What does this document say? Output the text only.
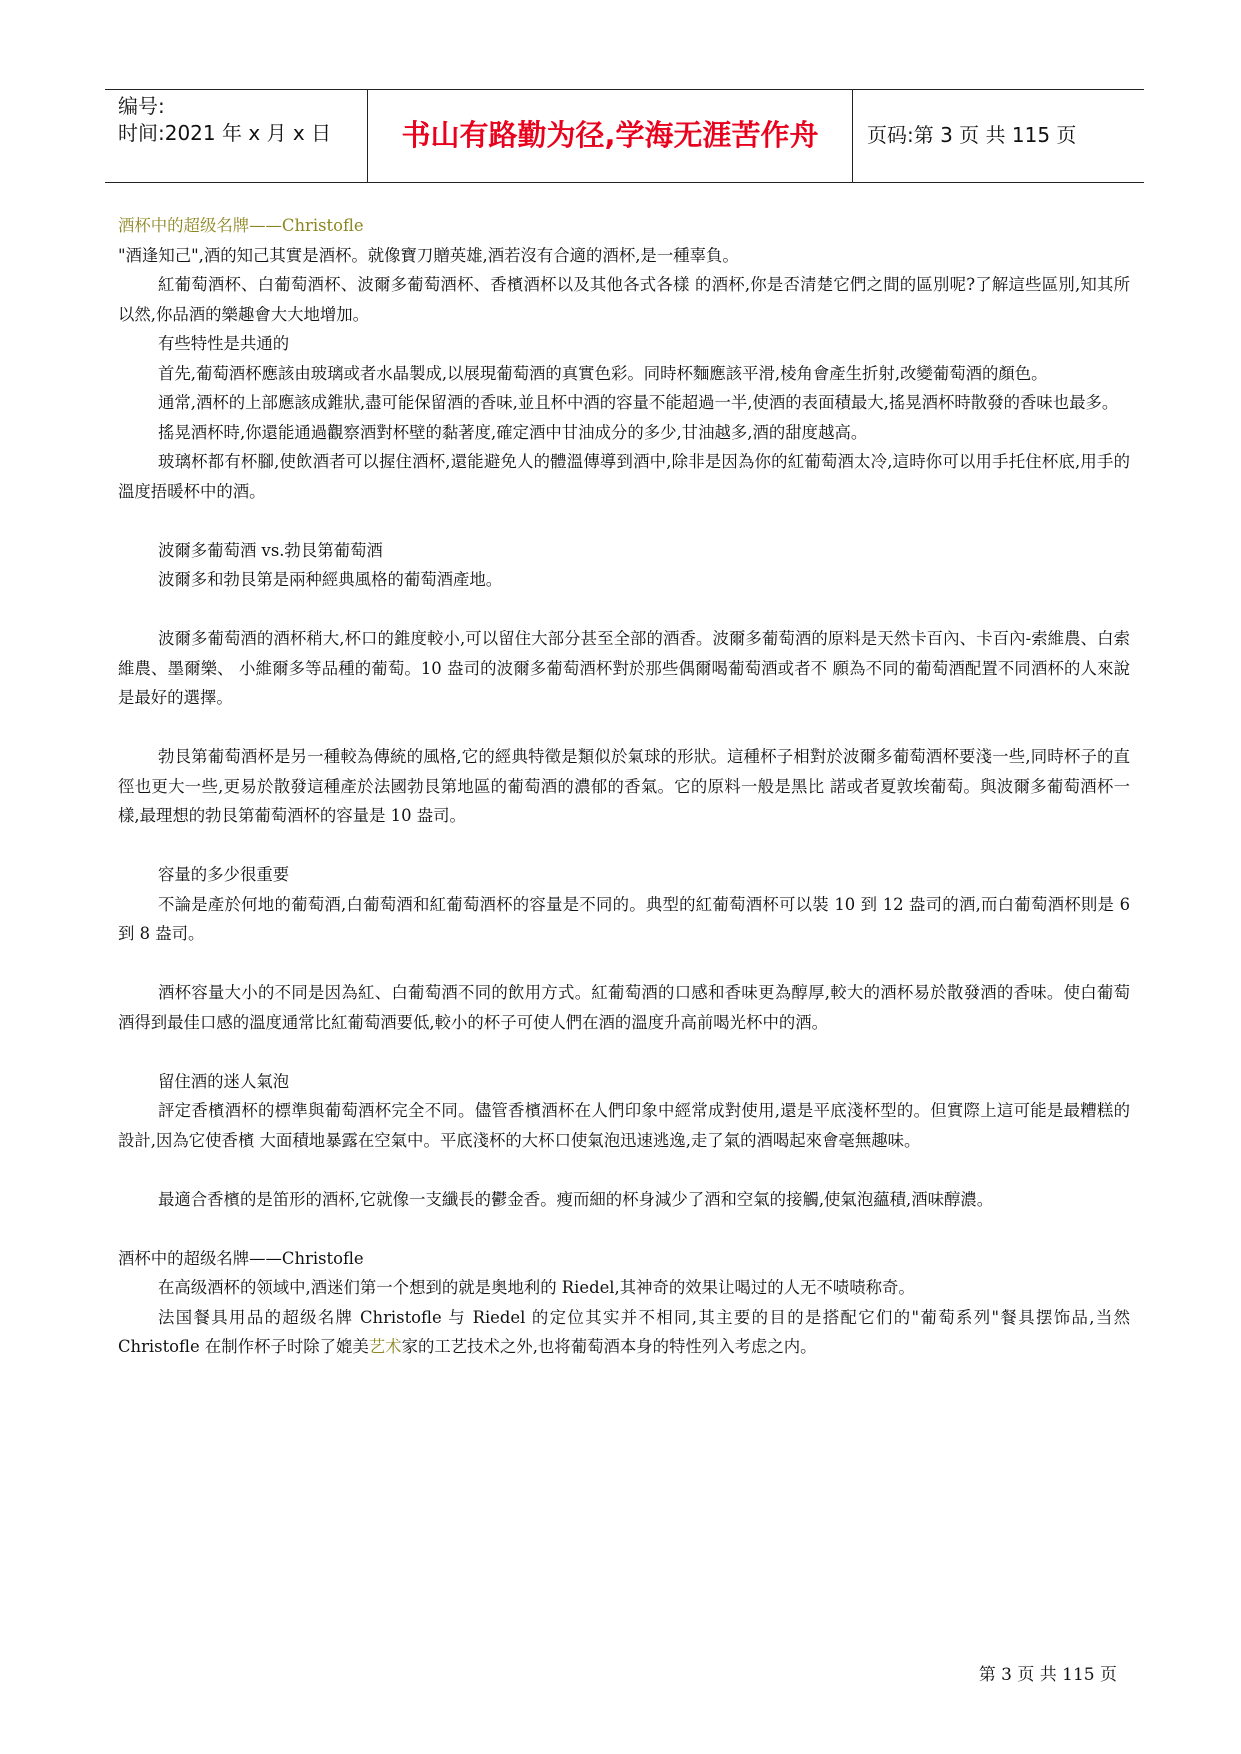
编号:
时间:2021 年 x 月 x 日	书山有路勤为径,学海无涯苦作舟	页码:第 3 页 共 115 页

酒杯中的超级名牌——Christofle

"酒逢知己",酒的知己其實是酒杯。就像寶刀贈英雄,酒若沒有合適的酒杯,是一種辜負。

紅葡萄酒杯、白葡萄酒杯、波爾多葡萄酒杯、香檳酒杯以及其他各式各樣 的酒杯,你是否清楚它們之間的區別呢?了解這些區別,知其所以然,你品酒的樂趣會大大地增加。

有些特性是共通的

首先,葡萄酒杯應該由玻璃或者水晶製成,以展現葡萄酒的真實色彩。同時杯麵應該平滑,棱角會產生折射,改變葡萄酒的顏色。

通常,酒杯的上部應該成錐狀,盡可能保留酒的香味,並且杯中酒的容量不能超過一半,使酒的表面積最大,搖晃酒杯時散發的香味也最多。

搖晃酒杯時,你還能通過觀察酒對杯壁的黏著度,確定酒中甘油成分的多少,甘油越多,酒的甜度越高。

玻璃杯都有杯腳,使飲酒者可以握住酒杯,還能避免人的體溫傳導到酒中,除非是因為你的紅葡萄酒太冷,這時你可以用手托住杯底,用手的溫度捂暖杯中的酒。

波爾多葡萄酒 vs.勃艮第葡萄酒

波爾多和勃艮第是兩种經典風格的葡萄酒產地。

波爾多葡萄酒的酒杯稍大,杯口的錐度較小,可以留住大部分甚至全部的酒香。波爾多葡萄酒的原料是天然卡百內、卡百內-索維農、白索維農、墨爾樂、 小維爾多等品種的葡萄。10 盎司的波爾多葡萄酒杯對於那些偶爾喝葡萄酒或者不 願為不同的葡萄酒配置不同酒杯的人來說是最好的選擇。

勃艮第葡萄酒杯是另一種較為傳統的風格,它的經典特徵是類似於氣球的形狀。這種杯子相對於波爾多葡萄酒杯要淺一些,同時杯子的直徑也更大一些,更易於散發這種產於法國勃艮第地區的葡萄酒的濃郁的香氣。它的原料一般是黑比 諾或者夏敦埃葡萄。與波爾多葡萄酒杯一樣,最理想的勃艮第葡萄酒杯的容量是 10 盎司。

容量的多少很重要

不論是產於何地的葡萄酒,白葡萄酒和紅葡萄酒杯的容量是不同的。典型的紅葡萄酒杯可以裝 10 到 12 盎司的酒,而白葡萄酒杯則是 6 到 8 盎司。

酒杯容量大小的不同是因為紅、白葡萄酒不同的飲用方式。紅葡萄酒的口感和香味更為醇厚,較大的酒杯易於散發酒的香味。使白葡萄酒得到最佳口感的溫度通常比紅葡萄酒要低,較小的杯子可使人們在酒的溫度升高前喝光杯中的酒。

留住酒的迷人氣泡

評定香檳酒杯的標準與葡萄酒杯完全不同。儘管香檳酒杯在人們印象中經常成對使用,還是平底淺杯型的。但實際上這可能是最糟糕的設計,因為它使香檳 大面積地暴露在空氣中。平底淺杯的大杯口使氣泡迅速逃逸,走了氣的酒喝起來會毫無趣味。

最適合香檳的是笛形的酒杯,它就像一支纖長的鬱金香。瘦而細的杯身減少了酒和空氣的接觸,使氣泡蘊積,酒味醇濃。

酒杯中的超级名牌——Christofle

在高级酒杯的领域中,酒迷们第一个想到的就是奥地利的 Riedel,其神奇的效果让喝过的人无不啧啧称奇。

法国餐具用品的超级名牌 Christofle 与 Riedel 的定位其实并不相同,其主要的目的是搭配它们的"葡萄系列"餐具摆饰品,当然 Christofle 在制作杯子时除了媲美艺术家的工艺技术之外,也将葡萄酒本身的特性列入考虑之内。

第 3 页 共 115 页
